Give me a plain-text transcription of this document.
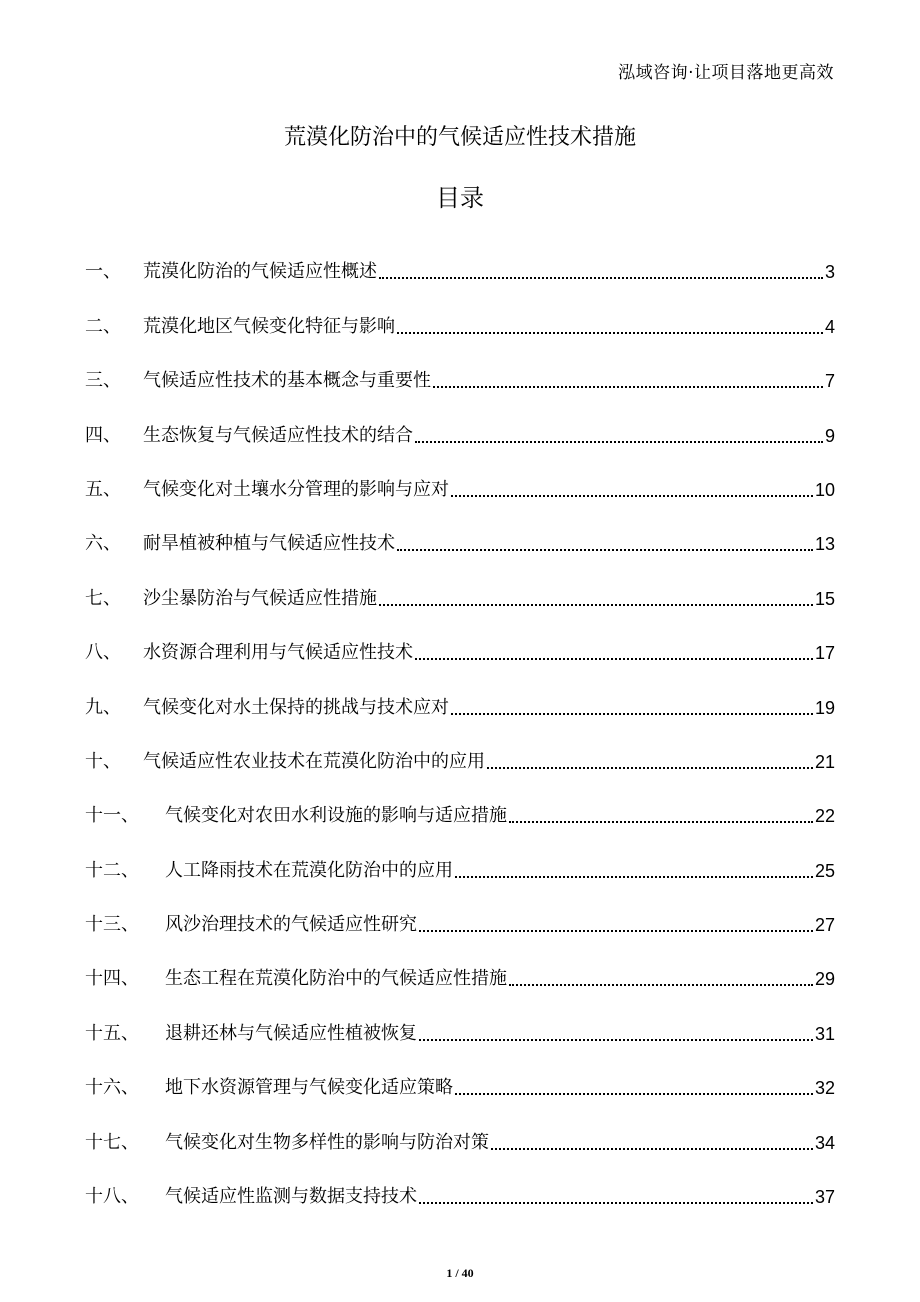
泓域咨询·让项目落地更高效
荒漠化防治中的气候适应性技术措施
目录
一、	荒漠化防治的气候适应性概述	3
二、	荒漠化地区气候变化特征与影响	4
三、	气候适应性技术的基本概念与重要性	7
四、	生态恢复与气候适应性技术的结合	9
五、	气候变化对土壤水分管理的影响与应对	10
六、	耐旱植被种植与气候适应性技术	13
七、	沙尘暴防治与气候适应性措施	15
八、	水资源合理利用与气候适应性技术	17
九、	气候变化对水土保持的挑战与技术应对	19
十、	气候适应性农业技术在荒漠化防治中的应用	21
十一、	气候变化对农田水利设施的影响与适应措施	22
十二、	人工降雨技术在荒漠化防治中的应用	25
十三、	风沙治理技术的气候适应性研究	27
十四、	生态工程在荒漠化防治中的气候适应性措施	29
十五、	退耕还林与气候适应性植被恢复	31
十六、	地下水资源管理与气候变化适应策略	32
十七、	气候变化对生物多样性的影响与防治对策	34
十八、	气候适应性监测与数据支持技术	37
1 / 40
